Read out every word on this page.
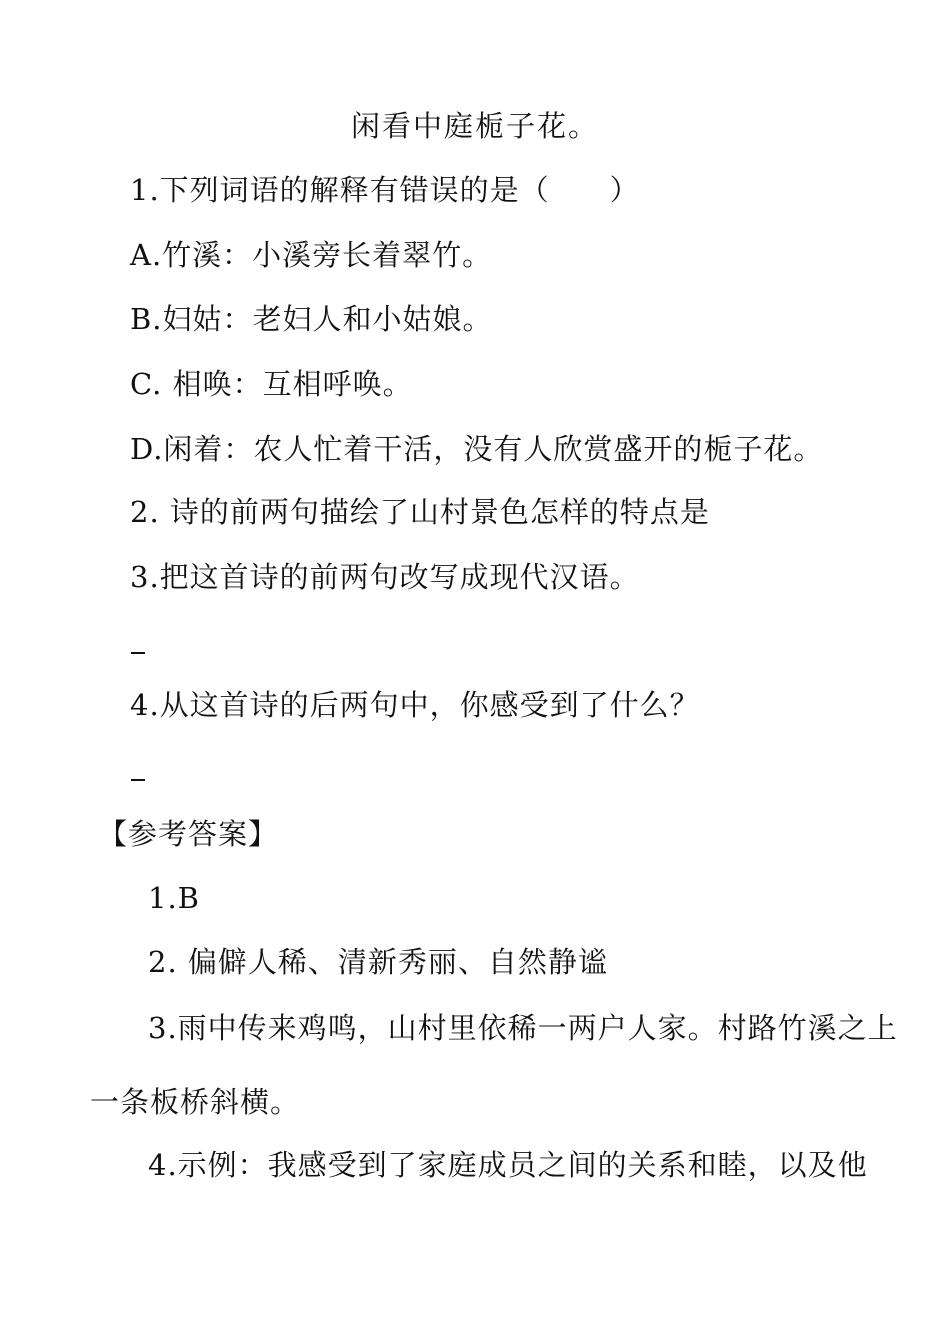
闲看中庭栀子花。
1.下列词语的解释有错误的是（　　）
A.竹溪：小溪旁长着翠竹。
B.妇姑：老妇人和小姑娘。
C. 相唤：互相呼唤。
D.闲着：农人忙着干活，没有人欣赏盛开的栀子花。
2. 诗的前两句描绘了山村景色怎样的特点是
3.把这首诗的前两句改写成现代汉语。
4.从这首诗的后两句中，你感受到了什么？
【参考答案】
1.B
2. 偏僻人稀、清新秀丽、自然静谧
3.雨中传来鸡鸣，山村里依稀一两户人家。村路竹溪之上
一条板桥斜横。
4.示例：我感受到了家庭成员之间的关系和睦，以及他
